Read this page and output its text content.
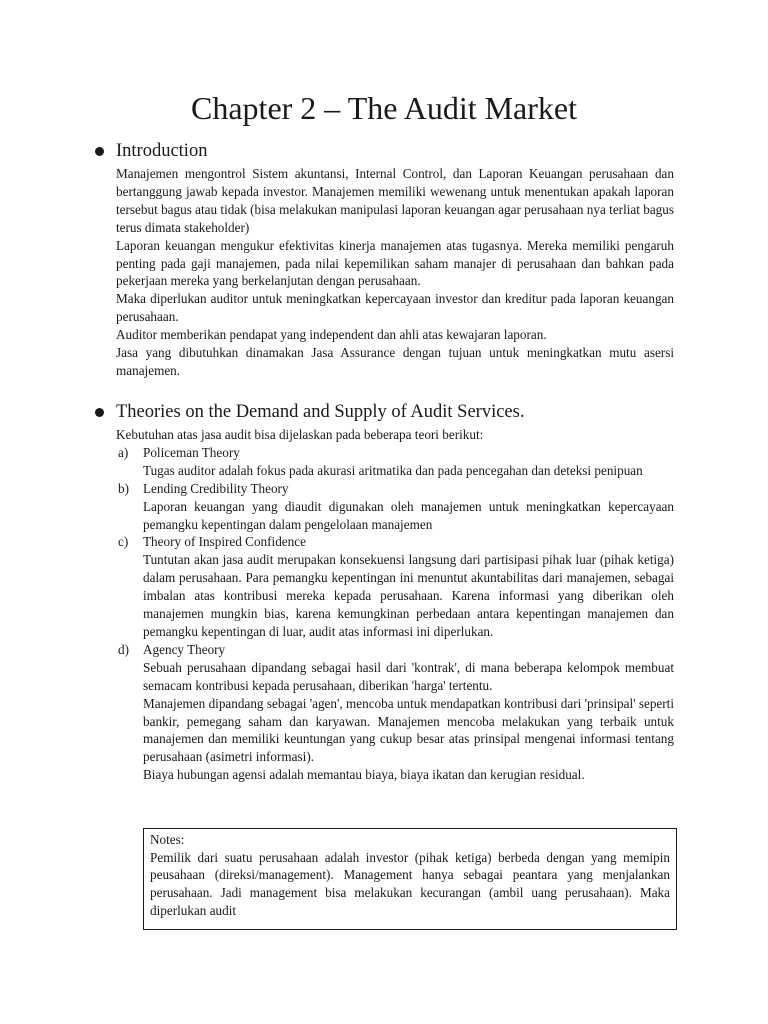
Chapter 2 – The Audit Market
Introduction

Manajemen mengontrol Sistem akuntansi, Internal Control, dan Laporan Keuangan perusahaan dan bertanggung jawab kepada investor. Manajemen memiliki wewenang untuk menentukan apakah laporan tersebut bagus atau tidak (bisa melakukan manipulasi laporan keuangan agar perusahaan nya terliat bagus terus dimata stakeholder)

Laporan keuangan mengukur efektivitas kinerja manajemen atas tugasnya. Mereka memiliki pengaruh penting pada gaji manajemen, pada nilai kepemilikan saham manajer di perusahaan dan bahkan pada pekerjaan mereka yang berkelanjutan dengan perusahaan.

Maka diperlukan auditor untuk meningkatkan kepercayaan investor dan kreditur pada laporan keuangan perusahaan.

Auditor memberikan pendapat yang independent dan ahli atas kewajaran laporan.

Jasa yang dibutuhkan dinamakan Jasa Assurance dengan tujuan untuk meningkatkan mutu asersi manajemen.

Theories on the Demand and Supply of Audit Services.

Kebutuhan atas jasa audit bisa dijelaskan pada beberapa teori berikut:

a) Policeman Theory

Tugas auditor adalah fokus pada akurasi aritmatika dan pada pencegahan dan deteksi penipuan

b) Lending Credibility Theory

Laporan keuangan yang diaudit digunakan oleh manajemen untuk meningkatkan kepercayaan pemangku kepentingan dalam pengelolaan manajemen

c) Theory of Inspired Confidence

Tuntutan akan jasa audit merupakan konsekuensi langsung dari partisipasi pihak luar (pihak ketiga) dalam perusahaan. Para pemangku kepentingan ini menuntut akuntabilitas dari manajemen, sebagai imbalan atas kontribusi mereka kepada perusahaan. Karena informasi yang diberikan oleh manajemen mungkin bias, karena kemungkinan perbedaan antara kepentingan manajemen dan pemangku kepentingan di luar, audit atas informasi ini diperlukan.

d) Agency Theory

Sebuah perusahaan dipandang sebagai hasil dari 'kontrak', di mana beberapa kelompok membuat semacam kontribusi kepada perusahaan, diberikan 'harga' tertentu.

Manajemen dipandang sebagai 'agen', mencoba untuk mendapatkan kontribusi dari 'prinsipal' seperti bankir, pemegang saham dan karyawan. Manajemen mencoba melakukan yang terbaik untuk manajemen dan memiliki keuntungan yang cukup besar atas prinsipal mengenai informasi tentang perusahaan (asimetri informasi).

Biaya hubungan agensi adalah memantau biaya, biaya ikatan dan kerugian residual.

Notes:

Pemilik dari suatu perusahaan adalah investor (pihak ketiga) berbeda dengan yang memipin peusahaan (direksi/management). Management hanya sebagai peantara yang menjalankan perusahaan. Jadi management bisa melakukan kecurangan (ambil uang perusahaan). Maka diperlukan audit
